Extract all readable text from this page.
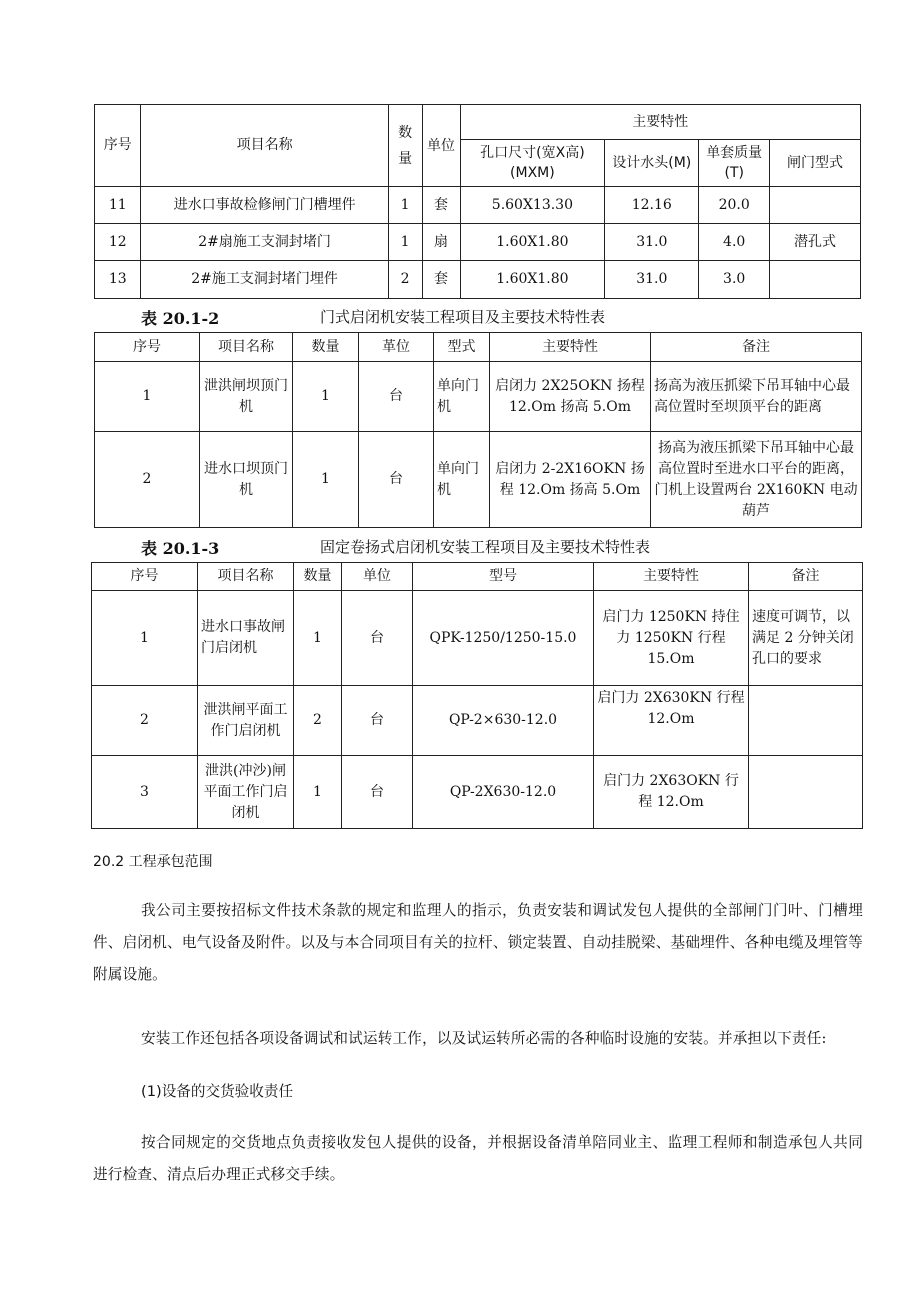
序号	项目名称	数量	单位	主要特性			
				孔口尺寸(宽X高)(MXM)	设计水头(M)	单套质量(T)	闸门型式
11	进水口事故检修闸门门槽埋件	1	套	5.60X13.30	12.16	20.0	
12	2#扇施工支洞封堵门	1	扇	1.60X1.80	31.0	4.0	潜孔式
13	2#施工支洞封堵门埋件	2	套	1.60X1.80	31.0	3.0	
表 20.1-2	门式启闭机安装工程项目及主要技术特性表
序号	项目名称	数量	革位	型式	主要特性	备注
1	泄洪闸坝顶门机	1	台	单向门机	启闭力 2X25OKN 扬程 12.Om 扬高 5.Om	扬高为液压抓梁下吊耳轴中心最高位置时至坝顶平台的距离
2	进水口坝顶门机	1	台	单向门机	启闭力 2-2X16OKN 扬程 12.Om 扬高 5.Om	扬高为液压抓梁下吊耳轴中心最高位置时至进水口平台的距离，门机上设置两台 2X160KN 电动葫芦
表 20.1-3	固定卷扬式启闭机安装工程项目及主要技术特性表
序号	项目名称	数量	单位	型号	主要特性	备注
1	进水口事故闸门启闭机	1	台	QPK-1250/1250-15.0	启门力 1250KN 持住力 1250KN 行程 15.Om	速度可调节，以满足 2 分钟关闭孔口的要求
2	泄洪闸平面工作门启闭机	2	台	QP-2×630-12.0	启门力 2X630KN 行程 12.Om	
3	泄洪(冲沙)闸平面工作门启闭机	1	台	QP-2X630-12.0	启门力 2X63OKN 行程 12.Om	
20.2 工程承包范围

我公司主要按招标文件技术条款的规定和监理人的指示，负责安装和调试发包人提供的全部闸门门叶、门槽埋件、启闭机、电气设备及附件。以及与本合同项目有关的拉杆、锁定装置、自动挂脱梁、基础埋件、各种电缆及埋管等附属设施。

安装工作还包括各项设备调试和试运转工作，以及试运转所必需的各种临时设施的安装。并承担以下责任:

(1)设备的交货验收责任

按合同规定的交货地点负责接收发包人提供的设备，并根据设备清单陪同业主、监理工程师和制造承包人共同进行检查、清点后办理正式移交手续。
